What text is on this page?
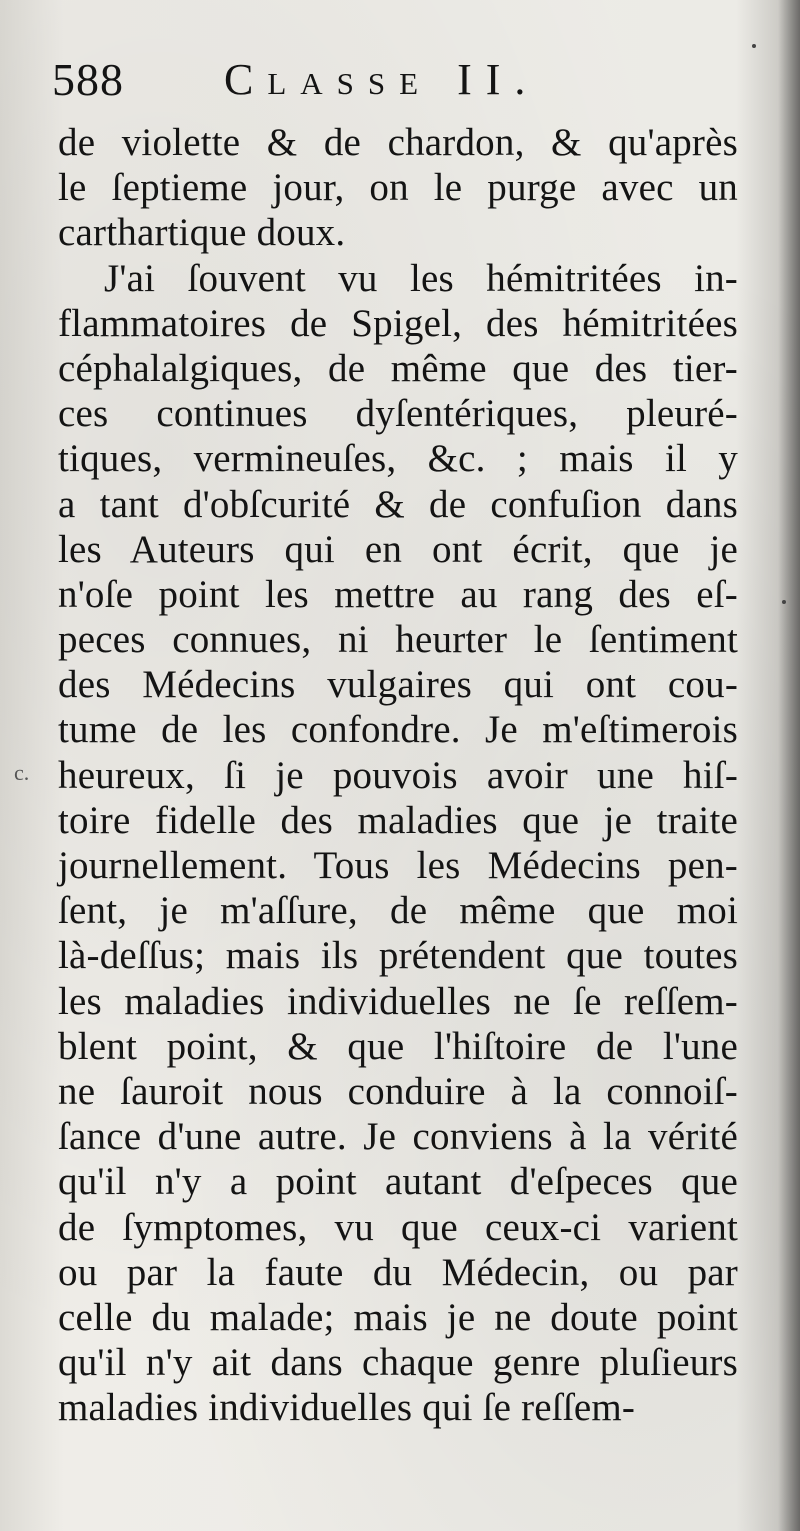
588 Classe II.
c.
de violette & de chardon, & qu'après
le ſeptieme jour, on le purge avec un
carthartique doux.
J'ai ſouvent vu les hémitritées in-
flammatoires de Spigel, des hémitritées
céphalalgiques, de même que des tier-
ces continues dyſentériques, pleuré-
tiques, vermineuſes, &c. ; mais il y
a tant d'obſcurité & de confuſion dans
les Auteurs qui en ont écrit, que je
n'oſe point les mettre au rang des eſ-
peces connues, ni heurter le ſentiment
des Médecins vulgaires qui ont cou-
tume de les confondre. Je m'eſtimerois
heureux, ſi je pouvois avoir une hiſ-
toire fidelle des maladies que je traite
journellement. Tous les Médecins pen-
ſent, je m'aſſure, de même que moi
là-deſſus; mais ils prétendent que toutes
les maladies individuelles ne ſe reſſem-
blent point, & que l'hiſtoire de l'une
ne ſauroit nous conduire à la connoiſ-
ſance d'une autre. Je conviens à la vérité
qu'il n'y a point autant d'eſpeces que
de ſymptomes, vu que ceux-ci varient
ou par la faute du Médecin, ou par
celle du malade; mais je ne doute point
qu'il n'y ait dans chaque genre pluſieurs
maladies individuelles qui ſe reſſem-
